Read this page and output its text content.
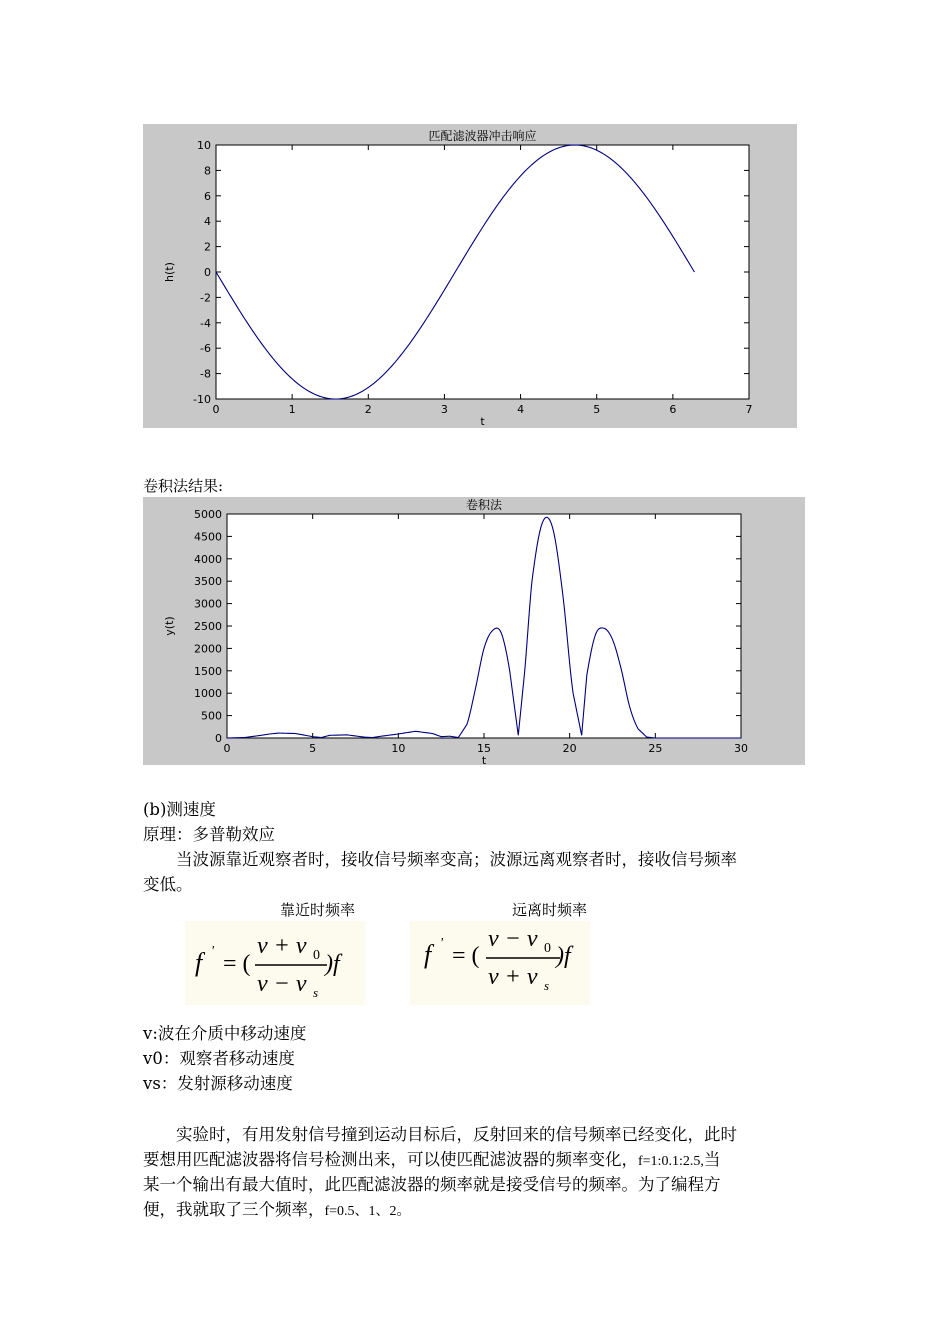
0	1	2	3	4	5	6	7
10
8
6
4
2
0
-2
-4
-6
-8
-10
匹配滤波器冲击响应
t
h(t)
卷积法结果:
0	5	10	15	20	25	30
5000
4500
4000
3500
3000
2500
2000
1500
1000
500
0
卷积法
t
y(t)
(b)测速度
原理：多普勒效应
当波源靠近观察者时，接收信号频率变高；波源远离观察者时，接收信号频率
变低。
靠近时频率	远离时频率
f ' = (
v + v 0
v − v s
)f	f ' = (
v − v 0
v + v s
)f
v:波在介质中移动速度
v0：观察者移动速度
vs：发射源移动速度
实验时，有用发射信号撞到运动目标后，反射回来的信号频率已经变化，此时
要想用匹配滤波器将信号检测出来，可以使匹配滤波器的频率变化，f=1:0.1:2.5,当
某一个输出有最大值时，此匹配滤波器的频率就是接受信号的频率。为了编程方
便，我就取了三个频率，f=0.5、1、2。
